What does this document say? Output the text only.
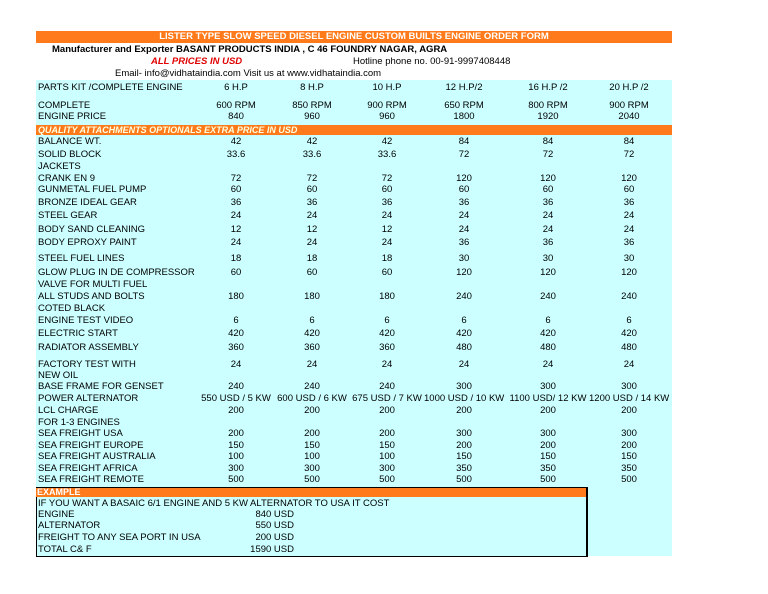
LISTER TYPE SLOW SPEED DIESEL ENGINE CUSTOM BUILTS ENGINE ORDER FORM
Manufacturer and Exporter BASANT PRODUCTS INDIA , C 46 FOUNDRY NAGAR, AGRA
ALL PRICES IN USD	Hotline phone no. 00-91-9997408448
Email- info@vidhataindia.com Visit us at www.vidhataindia.com
PARTS KIT /COMPLETE ENGINE	6 H.P	8 H.P	10 H.P	12 H.P/2	16 H.P /2	20 H.P /2
COMPLETE	600 RPM	850 RPM	900 RPM	650 RPM	800 RPM	900 RPM
ENGINE PRICE	840	960	960	1800	1920	2040
QUALITY ATTACHMENTS OPTIONALS EXTRA PRICE IN USD
BALANCE WT.	42	42	42	84	84	84
SOLID BLOCK	33.6	33.6	33.6	72	72	72
JACKETS
CRANK EN 9	72	72	72	120	120	120
GUNMETAL FUEL PUMP	60	60	60	60	60	60
BRONZE IDEAL GEAR	36	36	36	36	36	36
STEEL GEAR	24	24	24	24	24	24
BODY SAND CLEANING	12	12	12	24	24	24
BODY EPROXY PAINT	24	24	24	36	36	36
STEEL FUEL LINES	18	18	18	30	30	30
GLOW PLUG IN DE COMPRESSOR	60	60	60	120	120	120
VALVE FOR MULTI FUEL
ALL STUDS AND BOLTS	180	180	180	240	240	240
COTED BLACK
ENGINE TEST VIDEO	6	6	6	6	6	6
ELECTRIC START	420	420	420	420	420	420
RADIATOR ASSEMBLY	360	360	360	480	480	480
FACTORY TEST WITH	24	24	24	24	24	24
NEW OIL
BASE FRAME FOR GENSET	240	240	240	300	300	300
POWER ALTERNATOR	550 USD / 5 KW 600 USD / 6 KW 675 USD / 7 KW 1000 USD / 10 KW 1100 USD/ 12 KW 1200 USD / 14 KW
LCL CHARGE	200	200	200	200	200	200
FOR 1-3 ENGINES
SEA FREIGHT USA	200	200	200	300	300	300
SEA FREIGHT EUROPE	150	150	150	200	200	200
SEA FREIGHT AUSTRALIA	100	100	100	150	150	150
SEA FREIGHT AFRICA	300	300	300	350	350	350
SEA FREIGHT REMOTE	500	500	500	500	500	500
EXAMPLE
IF YOU WANT A BASAIC 6/1 ENGINE AND 5 KW ALTERNATOR TO USA IT COST
ENGINE	840 USD
ALTERNATOR	550 USD
FREIGHT TO ANY SEA PORT IN USA	200 USD
TOTAL C& F	1590 USD
